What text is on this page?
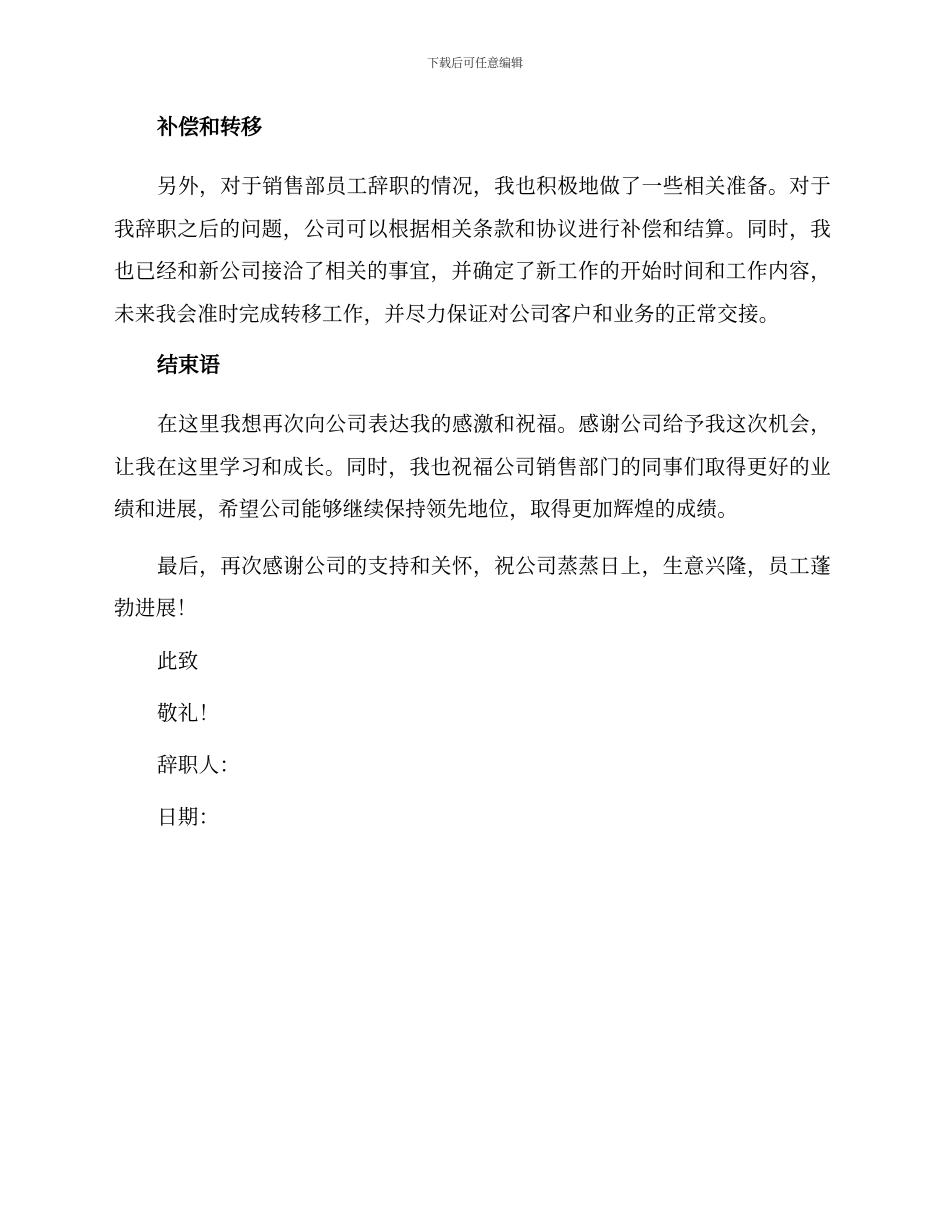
下载后可任意编辑
补偿和转移

另外，对于销售部员工辞职的情况，我也积极地做了一些相关准备。对于我辞职之后的问题，公司可以根据相关条款和协议进行补偿和结算。同时，我也已经和新公司接洽了相关的事宜，并确定了新工作的开始时间和工作内容，未来我会准时完成转移工作，并尽力保证对公司客户和业务的正常交接。

结束语

在这里我想再次向公司表达我的感激和祝福。感谢公司给予我这次机会，让我在这里学习和成长。同时，我也祝福公司销售部门的同事们取得更好的业绩和进展，希望公司能够继续保持领先地位，取得更加辉煌的成绩。

最后，再次感谢公司的支持和关怀，祝公司蒸蒸日上，生意兴隆，员工蓬勃进展！

此致

敬礼！

辞职人：

日期：
